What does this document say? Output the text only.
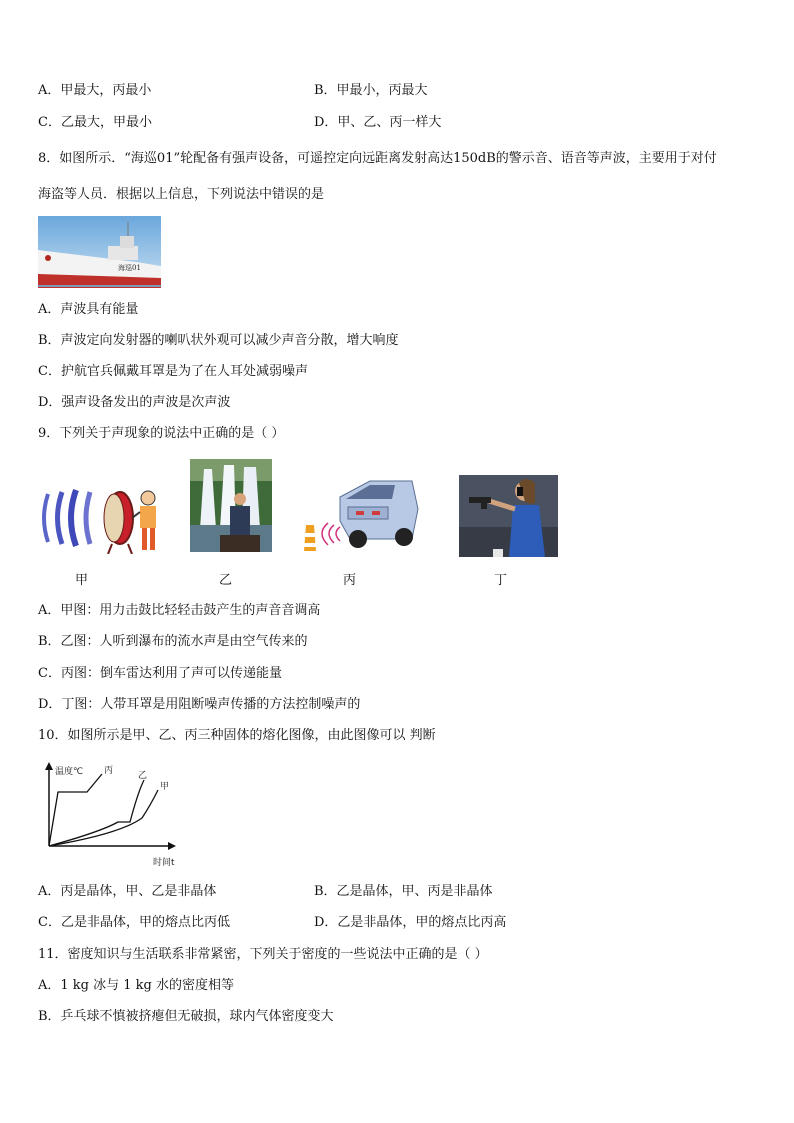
A．甲最大，丙最小	B．甲最小，丙最大
C．乙最大，甲最小	D．甲、乙、丙一样大
8．如图所示．“海巡01”轮配备有强声设备，可遥控定向远距离发射高达150dB的警示音、语音等声波，主要用于对付
海盗等人员．根据以上信息，下列说法中错误的是
海巡01
A．声波具有能量
B．声波定向发射器的喇叭状外观可以减少声音分散，增大响度
C．护航官兵佩戴耳罩是为了在人耳处减弱噪声
D．强声设备发出的声波是次声波
9．下列关于声现象的说法中正确的是（ ）
甲	乙	丙	丁
A．甲图：用力击鼓比轻轻击鼓产生的声音音调高
B．乙图：人听到瀑布的流水声是由空气传来的
C．丙图：倒车雷达利用了声可以传递能量
D．丁图：人带耳罩是用阻断噪声传播的方法控制噪声的
10．如图所示是甲、乙、丙三种固体的熔化图像，由此图像可以 判断
温度℃
时间t
丙	乙
甲
A．丙是晶体，甲、乙是非晶体	B．乙是晶体，甲、丙是非晶体
C．乙是非晶体，甲的熔点比丙低	D．乙是非晶体，甲的熔点比丙高
11．密度知识与生活联系非常紧密，下列关于密度的一些说法中正确的是（ ）
A．1 kg 冰与 1 kg 水的密度相等
B．乒乓球不慎被挤瘪但无破损，球内气体密度变大
